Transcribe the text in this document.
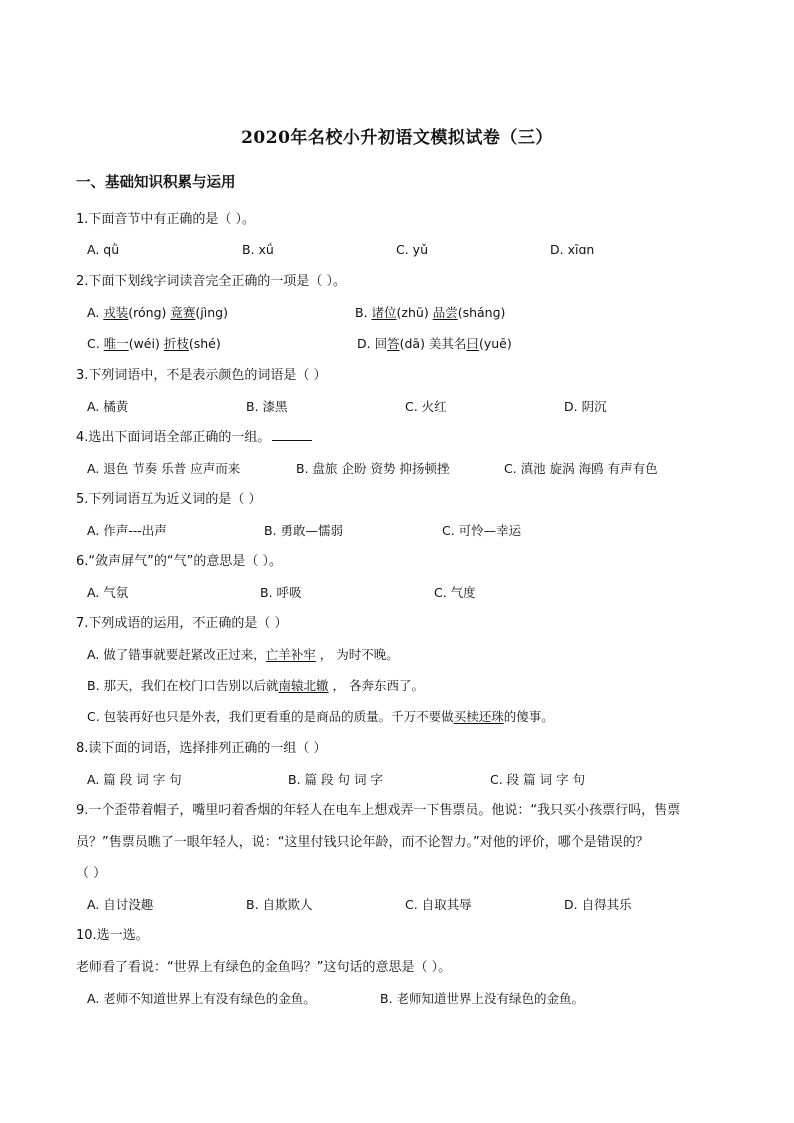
2020年名校小升初语文模拟试卷（三）
一、基础知识积累与运用
1.下面音节中有正确的是（ ）。
A. qǜ	B. xǘ	C. yǔ	D. xīɑn
2.下面下划线字词读音完全正确的一项是（ ）。
A. 戎装(róng) 竟赛(jìng)	B. 诸位(zhū) 品尝(shánɡ)
C. 唯一(wéi) 折枝(shé)	D. 回答(dā) 美其名曰(yuē)
3.下列词语中，不是表示颜色的词语是（ ）
A. 橘黄	B. 漆黑	C. 火红	D. 阴沉
4.选出下面词语全部正确的一组。
A. 退色 节奏 乐普 应声而来	B. 盘旅 企盼 资势 抑扬顿挫	C. 滇池 旋涡 海鸥 有声有色
5.下列词语互为近义词的是（ ）
A. 作声---出声	B. 勇敢—懦弱	C. 可怜—幸运
6.“敛声屏气”的“气”的意思是（ ）。
A. 气氛	B. 呼吸	C. 气度
7.下列成语的运用，不正确的是（ ）
A. 做了错事就要赶紧改正过来，亡羊补牢 ， 为时不晚。
B. 那天，我们在校门口告别以后就南辕北辙 ， 各奔东西了。
C. 包装再好也只是外表，我们更看重的是商品的质量。千万不要做买椟还珠的傻事。
8.读下面的词语，选择排列正确的一组（ ）
A. 篇 段 词 字 句	B. 篇 段 句 词 字	C. 段 篇 词 字 句
9.一个歪带着帽子，嘴里叼着香烟的年轻人在电车上想戏弄一下售票员。他说：“我只买小孩票行吗，售票
员？”售票员瞧了一眼年轻人，说：“这里付钱只论年龄，而不论智力。”对他的评价，哪个是错误的？
（ ）
A. 自讨没趣	B. 自欺欺人	C. 自取其辱	D. 自得其乐
10.选一选。
老师看了看说：“世界上有绿色的金鱼吗？”这句话的意思是（ ）。
A. 老师不知道世界上有没有绿色的金鱼。	B. 老师知道世界上没有绿色的金鱼。
